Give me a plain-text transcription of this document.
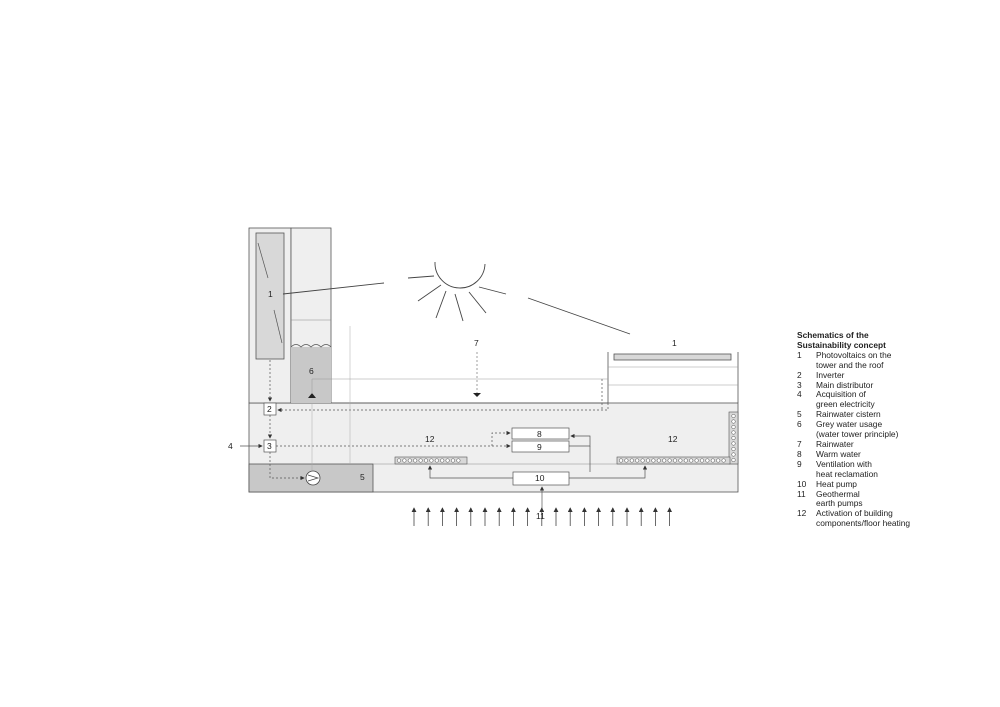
1
1
2
3
4
5
6
7
8
9
10
11
12	12
Schematics of the
Sustainability concept
1	Photovoltaics on the
tower and the roof
2	Inverter
3	Main distributor
4	Acquisition of
green electricity
5	Rainwater cistern
6	Grey water usage
(water tower principle)
7	Rainwater
8	Warm water
9	Ventilation with
heat reclamation
10	Heat pump
11	Geothermal
earth pumps
12	Activation of building
components/floor heating
